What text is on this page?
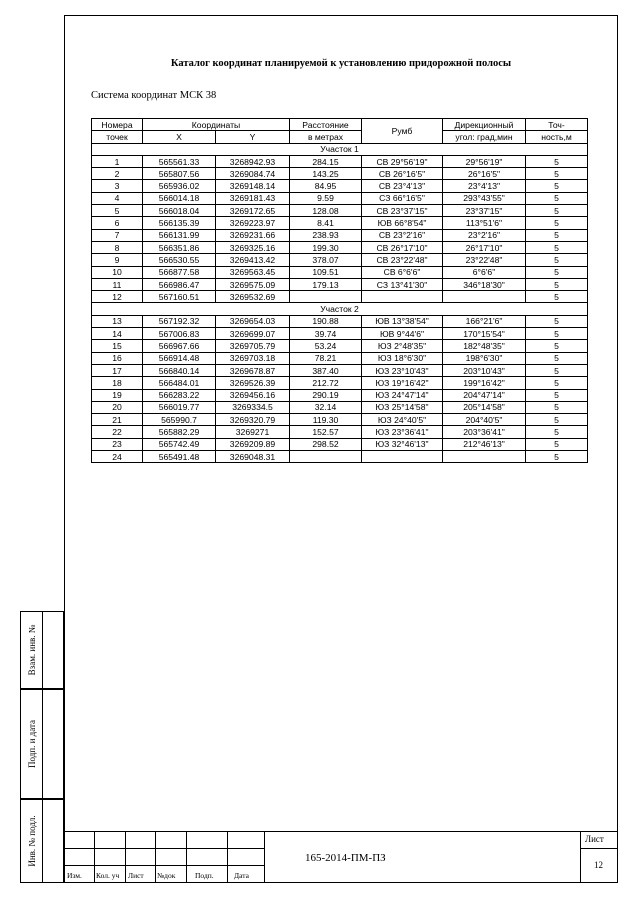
Взам. инв. №
Подп. и дата
Инв. № подл.
Каталог координат планируемой к установлению придорожной полосы
Система координат МСК 38
Номера	Координаты		Расстояние	Румб	Дирекционный	Точ-
точек	X	Y	в метрах		угол: град,мин	ность,м
Участок 1						
1	565561.33	3268942.93	284.15	СВ 29°56'19"	29°56'19"	5
2	565807.56	3269084.74	143.25	СВ 26°16'5"	26°16'5"	5
3	565936.02	3269148.14	84.95	СВ 23°4'13"	23°4'13"	5
4	566014.18	3269181.43	9.59	СЗ 66°16'5"	293°43'55"	5
5	566018.04	3269172.65	128.08	СВ 23°37'15"	23°37'15"	5
6	566135.39	3269223.97	8.41	ЮВ 66°8'54"	113°51'6"	5
7	566131.99	3269231.66	238.93	СВ 23°2'16"	23°2'16"	5
8	566351.86	3269325.16	199.30	СВ 26°17'10"	26°17'10"	5
9	566530.55	3269413.42	378.07	СВ 23°22'48"	23°22'48"	5
10	566877.58	3269563.45	109.51	СВ 6°6'6"	6°6'6"	5
11	566986.47	3269575.09	179.13	СЗ 13°41'30"	346°18'30"	5
12	567160.51	3269532.69				5
Участок 2						
13	567192.32	3269654.03	190.88	ЮВ 13°38'54"	166°21'6"	5
14	567006.83	3269699.07	39.74	ЮВ 9°44'6"	170°15'54"	5
15	566967.66	3269705.79	53.24	ЮЗ 2°48'35"	182°48'35"	5
16	566914.48	3269703.18	78.21	ЮЗ 18°6'30"	198°6'30"	5
17	566840.14	3269678.87	387.40	ЮЗ 23°10'43"	203°10'43"	5
18	566484.01	3269526.39	212.72	ЮЗ 19°16'42"	199°16'42"	5
19	566283.22	3269456.16	290.19	ЮЗ 24°47'14"	204°47'14"	5
20	566019.77	3269334.5	32.14	ЮЗ 25°14'58"	205°14'58"	5
21	565990.7	3269320.79	119.30	ЮЗ 24°40'5"	204°40'5"	5
22	565882.29	3269271	152.57	ЮЗ 23°36'41"	203°36'41"	5
23	565742.49	3269209.89	298.52	ЮЗ 32°46'13"	212°46'13"	5
24	565491.48	3269048.31				5
Изм. Кол. уч Лист №док	Подп.	Дата
165-2014-ПМ-ПЗ
Лист
12
